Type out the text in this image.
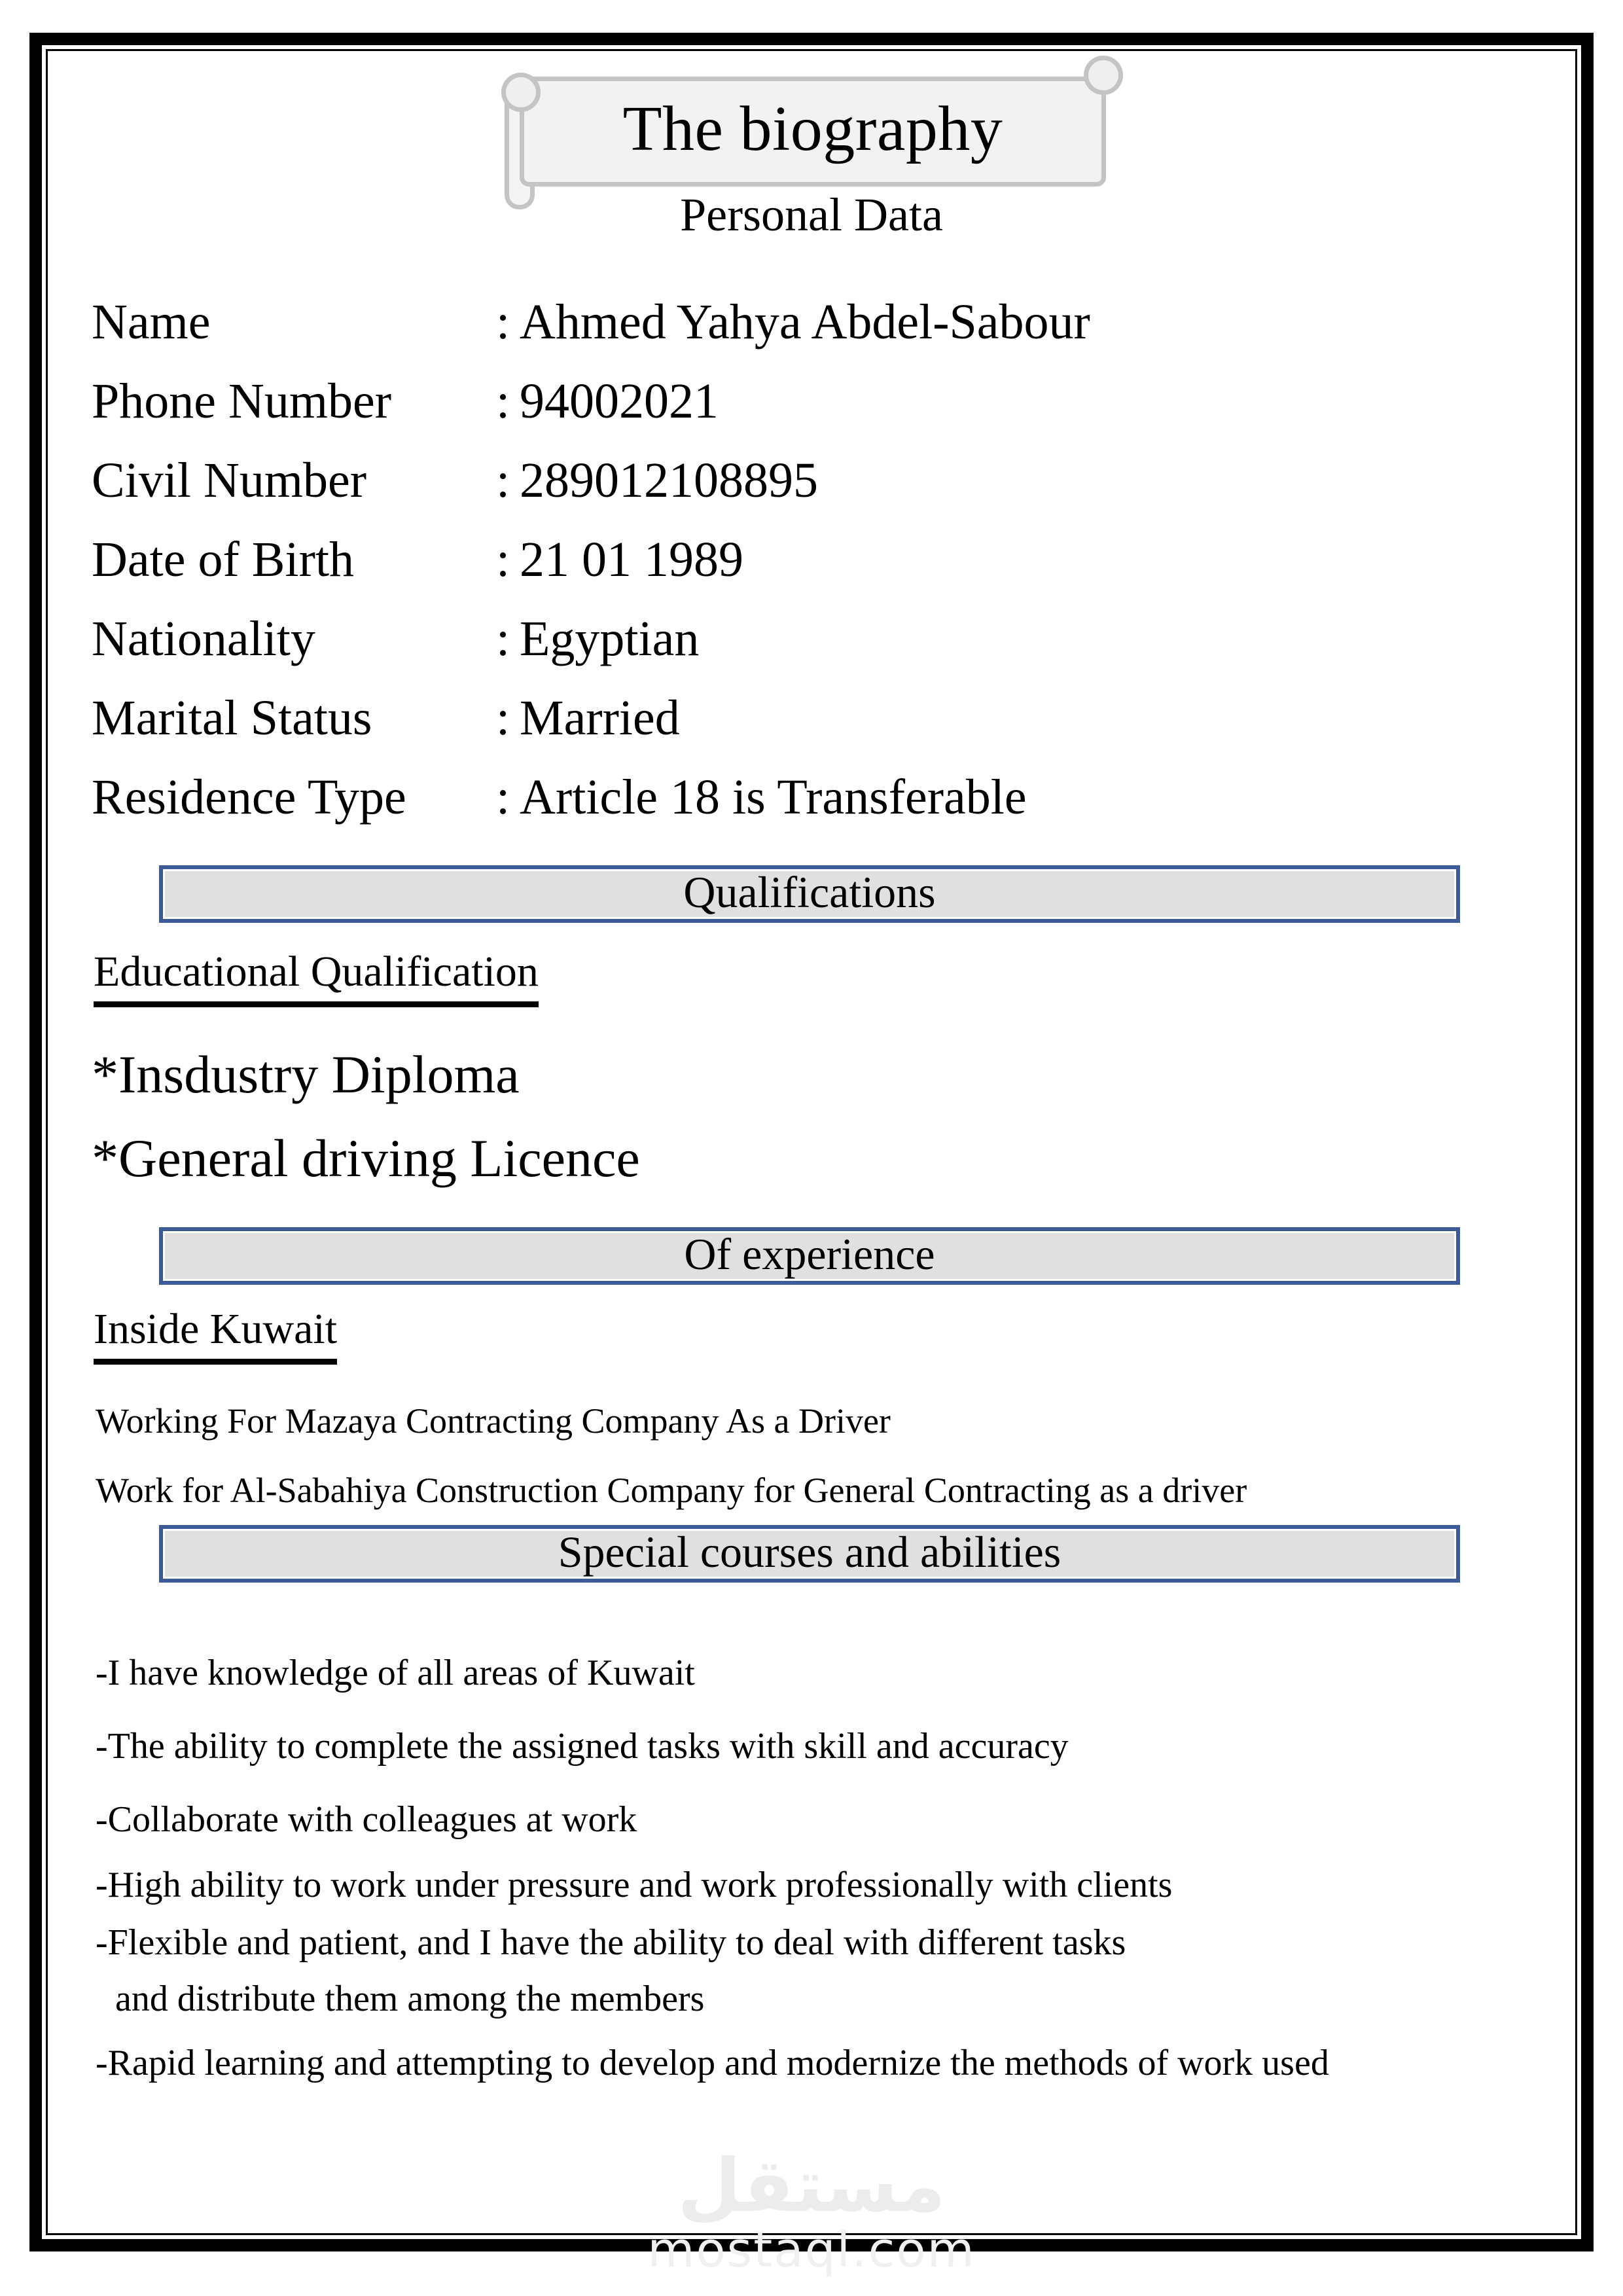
The biography
Personal Data
Name	: Ahmed Yahya Abdel-Sabour
Phone Number	: 94002021
Civil Number	: 289012108895
Date of Birth	: 21 01 1989
Nationality	: Egyptian
Marital Status	: Married
Residence Type	: Article 18 is Transferable
Qualifications
Educational Qualification
*Insdustry Diploma
*General driving Licence
Of experience
Inside Kuwait
Working For Mazaya Contracting Company As a Driver
Work for Al-Sabahiya Construction Company for General Contracting as a driver
Special courses and abilities
-I have knowledge of all areas of Kuwait
-The ability to complete the assigned tasks with skill and accuracy
-Collaborate with colleagues at work
-High ability to work under pressure and work professionally with clients
-Flexible and patient, and I have the ability to deal with different tasks
and distribute them among the members
-Rapid learning and attempting to develop and modernize the methods of work used
مستقل
mostaql.com
